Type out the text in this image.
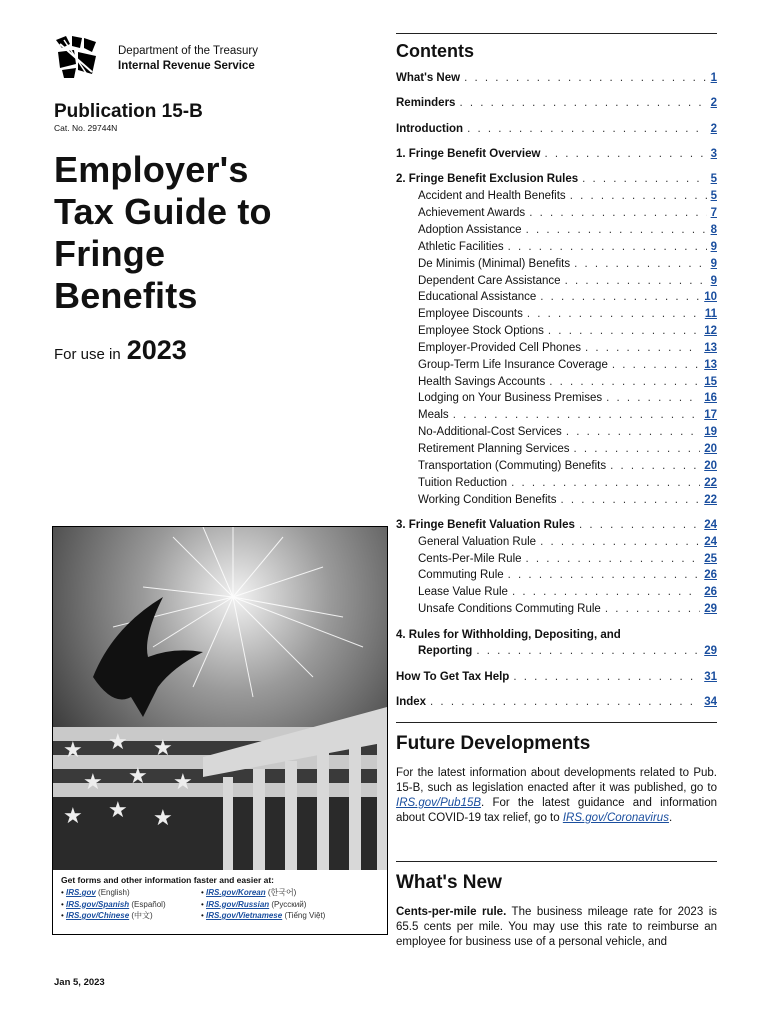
Department of the Treasury
Internal Revenue Service
Publication 15-B
Cat. No. 29744N
Employer's
Tax Guide to
Fringe
Benefits
For use in 2023
★ ★ ★
★ ★ ★
★ ★ ★
Get forms and other information faster and easier at:
• IRS.gov (English)
• IRS.gov/Spanish (Español)
• IRS.gov/Chinese (中文)
• IRS.gov/Korean (한국어)
• IRS.gov/Russian (Русский)
• IRS.gov/Vietnamese (Tiếng Việt)
Jan 5, 2023
Contents
What's New . . .	1
Reminders . . .	2
Introduction . . .	2
1. Fringe Benefit Overview . . .	3
2. Fringe Benefit Exclusion Rules . . .	5
Accident and Health Benefits . . .	5
Achievement Awards . . .	7
Adoption Assistance . . .	8
Athletic Facilities . . .	9
De Minimis (Minimal) Benefits . . .	9
Dependent Care Assistance . . .	9
Educational Assistance . . .	10
Employee Discounts . . .	11
Employee Stock Options . . .	12
Employer-Provided Cell Phones . . .	13
Group-Term Life Insurance Coverage . . .	13
Health Savings Accounts . . .	15
Lodging on Your Business Premises . . .	16
Meals . . .	17
No-Additional-Cost Services . . .	19
Retirement Planning Services . . .	20
Transportation (Commuting) Benefits . . .	20
Tuition Reduction . . .	22
Working Condition Benefits . . .	22
3. Fringe Benefit Valuation Rules . . .	24
General Valuation Rule . . .	24
Cents-Per-Mile Rule . . .	25
Commuting Rule . . .	26
Lease Value Rule . . .	26
Unsafe Conditions Commuting Rule . . .	29
4. Rules for Withholding, Depositing, and
Reporting . . .	29
How To Get Tax Help . . .	31
Index . . .	34
Future Developments
For the latest information about developments related to Pub. 15-B, such as legislation enacted after it was published, go to IRS.gov/Pub15B. For the latest guidance and information about COVID-19 tax relief, go to IRS.gov/Coronavirus.
What's New
Cents-per-mile rule. The business mileage rate for 2023 is 65.5 cents per mile. You may use this rate to reimburse an employee for business use of a personal vehicle, and
